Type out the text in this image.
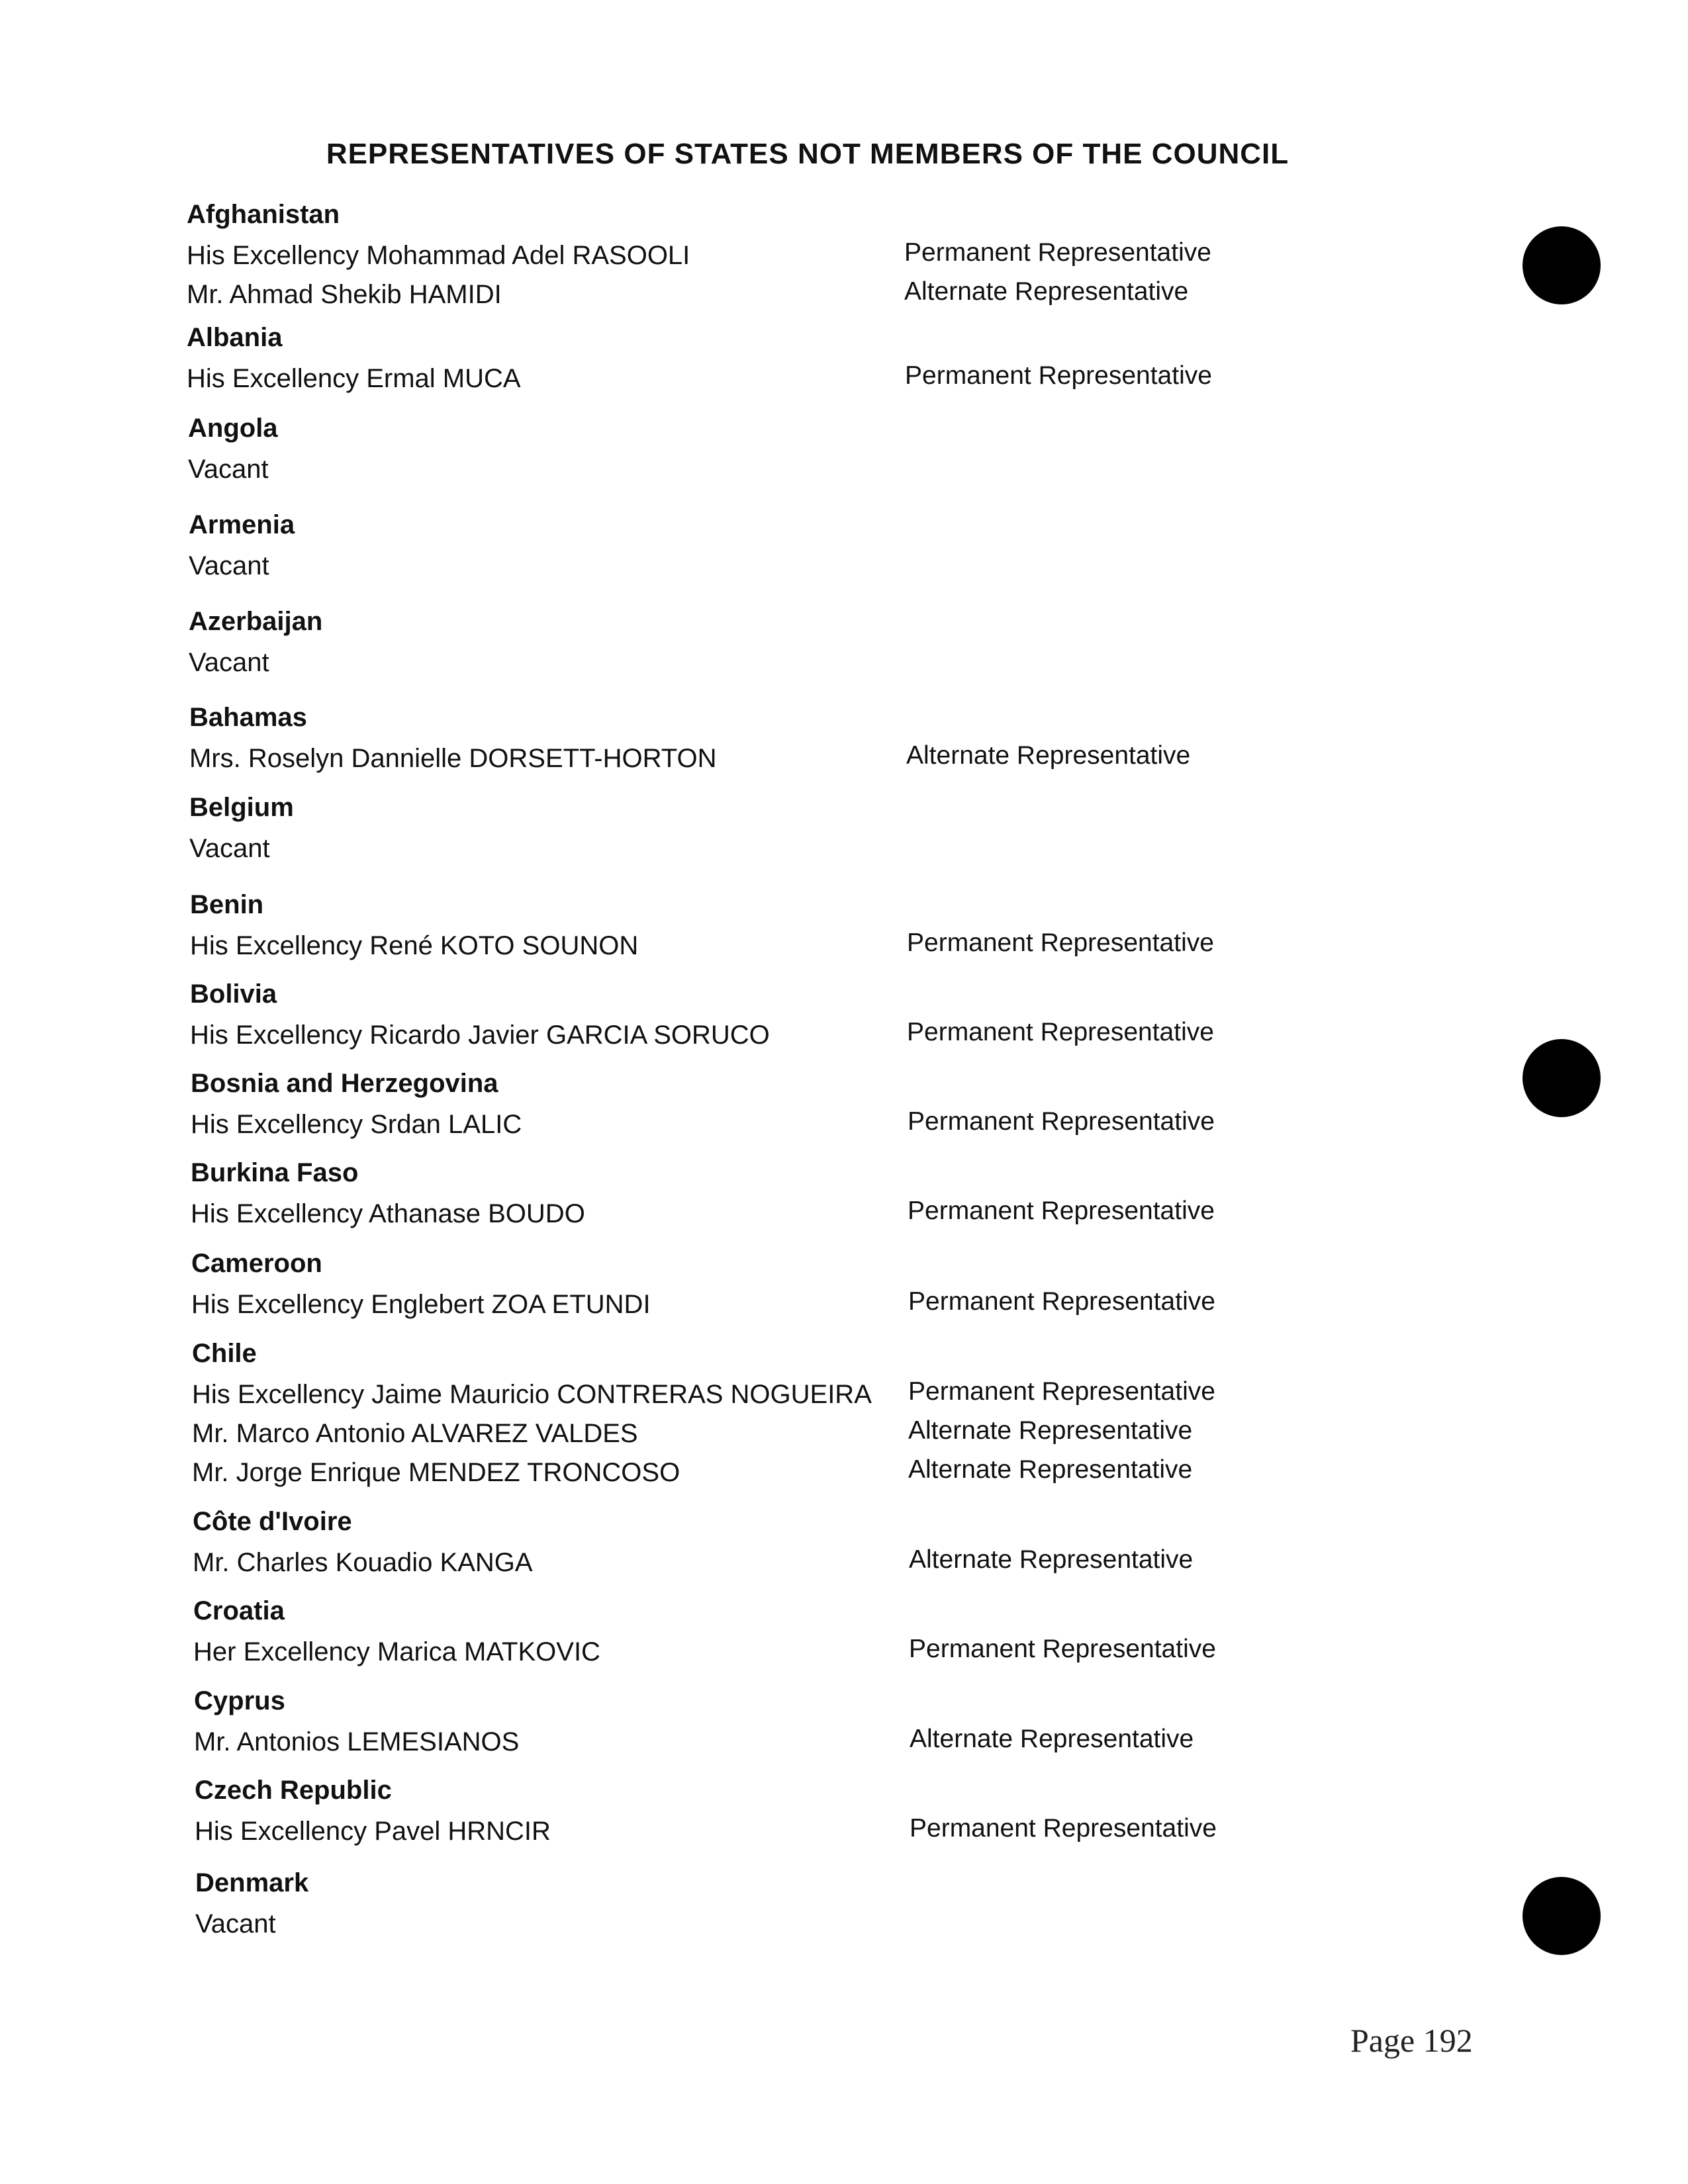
REPRESENTATIVES OF STATES NOT MEMBERS OF THE COUNCIL
Afghanistan
His Excellency Mohammad Adel RASOOLI	Permanent Representative
Mr. Ahmad Shekib HAMIDI	Alternate Representative
Albania
His Excellency Ermal MUCA	Permanent Representative
Angola
Vacant
Armenia
Vacant
Azerbaijan
Vacant
Bahamas
Mrs. Roselyn Dannielle DORSETT-HORTON	Alternate Representative
Belgium
Vacant
Benin
His Excellency René KOTO SOUNON	Permanent Representative
Bolivia
His Excellency Ricardo Javier GARCIA SORUCO	Permanent Representative
Bosnia and Herzegovina
His Excellency Srdan LALIC	Permanent Representative
Burkina Faso
His Excellency Athanase BOUDO	Permanent Representative
Cameroon
His Excellency Englebert ZOA ETUNDI	Permanent Representative
Chile
His Excellency Jaime Mauricio CONTRERAS NOGUEIRA Permanent Representative
Mr. Marco Antonio ALVAREZ VALDES	Alternate Representative
Mr. Jorge Enrique MENDEZ TRONCOSO	Alternate Representative
Côte d'Ivoire
Mr. Charles Kouadio KANGA	Alternate Representative
Croatia
Her Excellency Marica MATKOVIC	Permanent Representative
Cyprus
Mr. Antonios LEMESIANOS	Alternate Representative
Czech Republic
His Excellency Pavel HRNCIR	Permanent Representative
Denmark
Vacant
Page 192
